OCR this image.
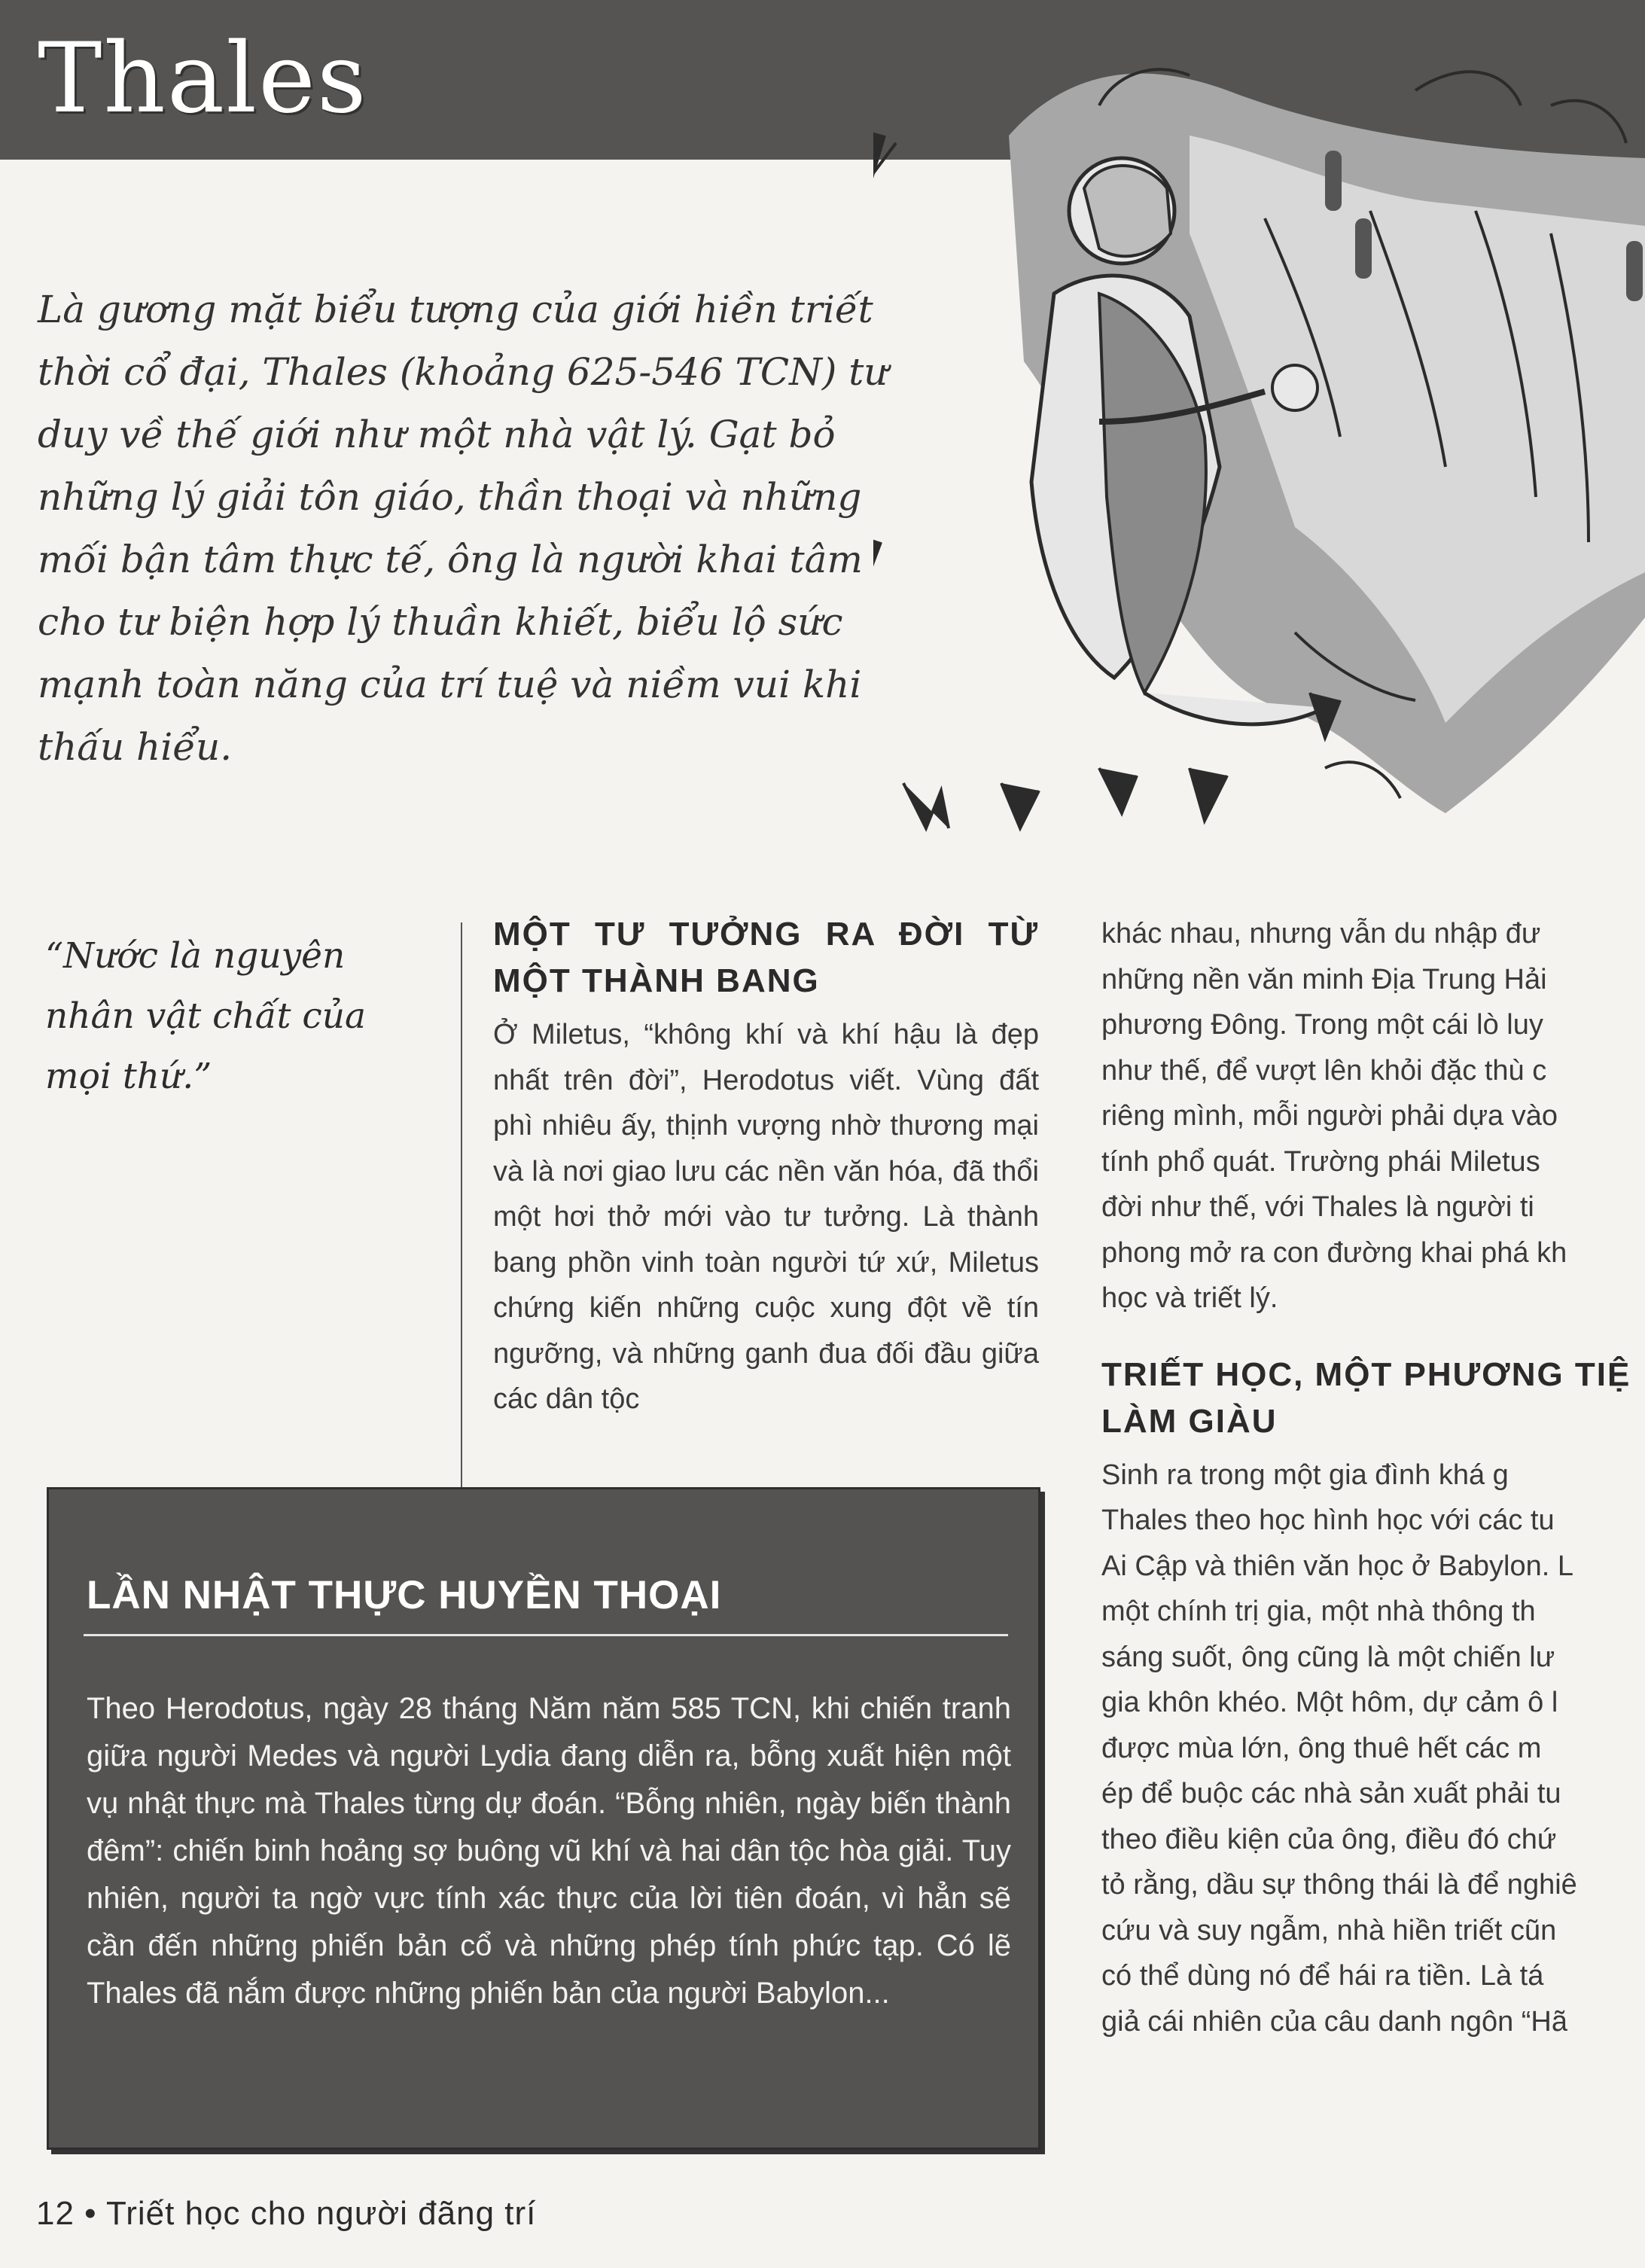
Thales
Là gương mặt biểu tượng của giới hiền triết thời cổ đại, Thales (khoảng 625-546 TCN) tư duy về thế giới như một nhà vật lý. Gạt bỏ những lý giải tôn giáo, thần thoại và những mối bận tâm thực tế, ông là người khai tâm cho tư biện hợp lý thuần khiết, biểu lộ sức mạnh toàn năng của trí tuệ và niềm vui khi thấu hiểu.
“Nước là nguyên nhân vật chất của mọi thứ.”
MỘT TƯ TƯỞNG RA ĐỜI TỪ MỘT THÀNH BANG

Ở Miletus, “không khí và khí hậu là đẹp nhất trên đời”, Herodotus viết. Vùng đất phì nhiêu ấy, thịnh vượng nhờ thương mại và là nơi giao lưu các nền văn hóa, đã thổi một hơi thở mới vào tư tưởng. Là thành bang phồn vinh toàn người tứ xứ, Miletus chứng kiến những cuộc xung đột về tín ngưỡng, và những ganh đua đối đầu giữa các dân tộc

khác nhau, nhưng vẫn du nhập đư
những nền văn minh Địa Trung Hải
phương Đông. Trong một cái lò luy
như thế, để vượt lên khỏi đặc thù c
riêng mình, mỗi người phải dựa vào
tính phổ quát. Trường phái Miletus
đời như thế, với Thales là người ti
phong mở ra con đường khai phá kh
học và triết lý.
TRIẾT HỌC, MỘT PHƯƠNG TIỆ LÀM GIÀU
Sinh ra trong một gia đình khá g
Thales theo học hình học với các tu
Ai Cập và thiên văn học ở Babylon. L
một chính trị gia, một nhà thông th
sáng suốt, ông cũng là một chiến lư
gia khôn khéo. Một hôm, dự cảm ô l
được mùa lớn, ông thuê hết các m
ép để buộc các nhà sản xuất phải tu
theo điều kiện của ông, điều đó chứ
tỏ rằng, dầu sự thông thái là để nghiê
cứu và suy ngẫm, nhà hiền triết cũn
có thể dùng nó để hái ra tiền. Là tá
giả cái nhiên của câu danh ngôn “Hã
LẦN NHẬT THỰC HUYỀN THOẠI

Theo Herodotus, ngày 28 tháng Năm năm 585 TCN, khi chiến tranh giữa người Medes và người Lydia đang diễn ra, bỗng xuất hiện một vụ nhật thực mà Thales từng dự đoán. “Bỗng nhiên, ngày biến thành đêm”: chiến binh hoảng sợ buông vũ khí và hai dân tộc hòa giải. Tuy nhiên, người ta ngờ vực tính xác thực của lời tiên đoán, vì hẳn sẽ cần đến những phiến bản cổ và những phép tính phức tạp. Có lẽ Thales đã nắm được những phiến bản của người Babylon...

12 • Triết học cho người đãng trí
